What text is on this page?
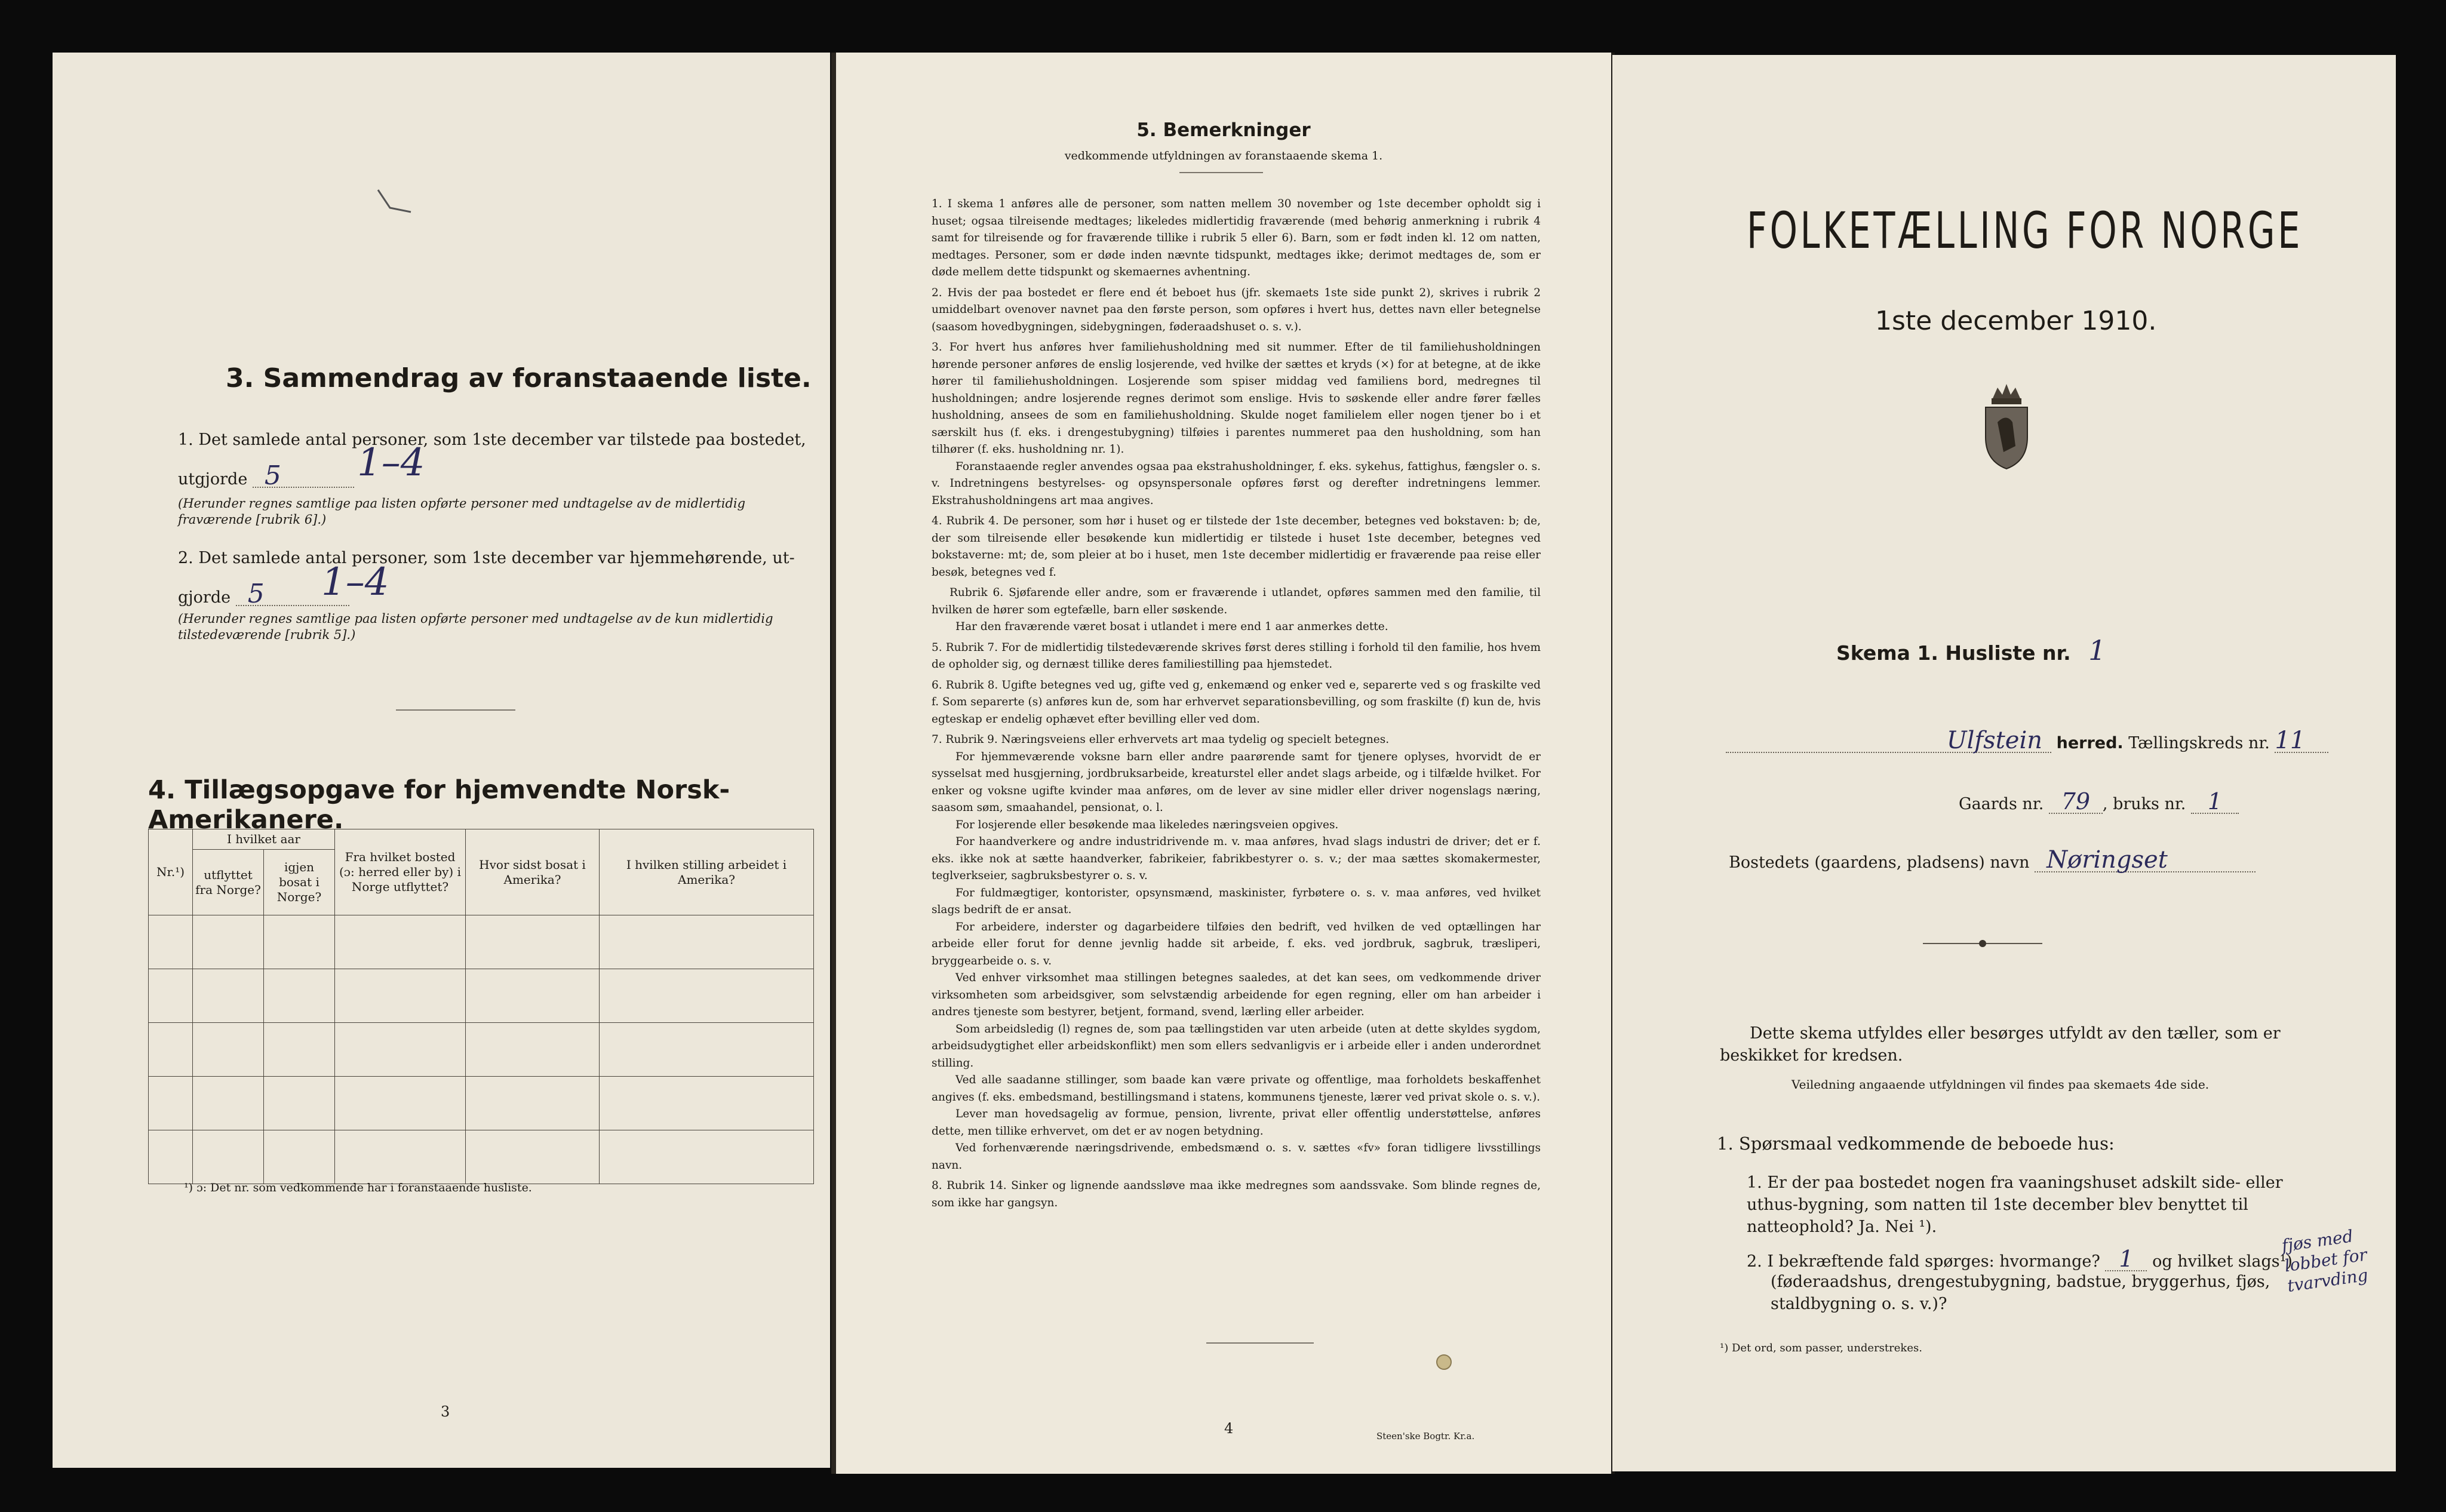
3. Sammendrag av foranstaaende liste.
1. Det samlede antal personer, som 1ste december var tilstede paa bostedet,
utgjorde 5	1–4
(Herunder regnes samtlige paa listen opførte personer med undtagelse av de midlertidig fraværende [rubrik 6].)
2. Det samlede antal personer, som 1ste december var hjemmehørende, ut-
gjorde 5	1–4
(Herunder regnes samtlige paa listen opførte personer med undtagelse av de kun midlertidig tilstedeværende [rubrik 5].)
4. Tillægsopgave for hjemvendte Norsk-Amerikanere.
Nr.¹)	I hvilket aar		Fra hvilket bosted (ɔ: herred eller by) i Norge utflyttet?	Hvor sidst bosat i Amerika?	I hvilken stilling arbeidet i Amerika?
	utflyttet fra Norge?	igjen bosat i Norge?			

¹) ɔ: Det nr. som vedkommende har i foranstaaende husliste.
3
5. Bemerkninger
vedkommende utfyldningen av foranstaaende skema 1.

1. I skema 1 anføres alle de personer, som natten mellem 30 november og 1ste december opholdt sig i huset; ogsaa tilreisende medtages; likeledes midlertidig fraværende (med behørig anmerkning i rubrik 4 samt for tilreisende og for fraværende tillike i rubrik 5 eller 6). Barn, som er født inden kl. 12 om natten, medtages. Personer, som er døde inden nævnte tidspunkt, medtages ikke; derimot medtages de, som er døde mellem dette tidspunkt og skemaernes avhentning.

2. Hvis der paa bostedet er flere end ét beboet hus (jfr. skemaets 1ste side punkt 2), skrives i rubrik 2 umiddelbart ovenover navnet paa den første person, som opføres i hvert hus, dettes navn eller betegnelse (saasom hovedbygningen, sidebygningen, føderaadshuset o. s. v.).

3. For hvert hus anføres hver familiehusholdning med sit nummer. Efter de til familiehusholdningen hørende personer anføres de enslig losjerende, ved hvilke der sættes et kryds (×) for at betegne, at de ikke hører til familiehusholdningen. Losjerende som spiser middag ved familiens bord, medregnes til husholdningen; andre losjerende regnes derimot som enslige. Hvis to søskende eller andre fører fælles husholdning, ansees de som en familiehusholdning. Skulde noget familielem eller nogen tjener bo i et særskilt hus (f. eks. i drengestubygning) tilføies i parentes nummeret paa den husholdning, som han tilhører (f. eks. husholdning nr. 1).

Foranstaaende regler anvendes ogsaa paa ekstrahusholdninger, f. eks. sykehus, fattighus, fængsler o. s. v. Indretningens bestyrelses- og opsynspersonale opføres først og derefter indretningens lemmer. Ekstrahusholdningens art maa angives.

4. Rubrik 4. De personer, som hør i huset og er tilstede der 1ste december, betegnes ved bokstaven: b; de, der som tilreisende eller besøkende kun midlertidig er tilstede i huset 1ste december, betegnes ved bokstaverne: mt; de, som pleier at bo i huset, men 1ste december midlertidig er fraværende paa reise eller besøk, betegnes ved f.

Rubrik 6. Sjøfarende eller andre, som er fraværende i utlandet, opføres sammen med den familie, til hvilken de hører som egtefælle, barn eller søskende.

Har den fraværende været bosat i utlandet i mere end 1 aar anmerkes dette.

5. Rubrik 7. For de midlertidig tilstedeværende skrives først deres stilling i forhold til den familie, hos hvem de opholder sig, og dernæst tillike deres familiestilling paa hjemstedet.

6. Rubrik 8. Ugifte betegnes ved ug, gifte ved g, enkemænd og enker ved e, separerte ved s og fraskilte ved f. Som separerte (s) anføres kun de, som har erhvervet separationsbevilling, og som fraskilte (f) kun de, hvis egteskap er endelig ophævet efter bevilling eller ved dom.

7. Rubrik 9. Næringsveiens eller erhvervets art maa tydelig og specielt betegnes.

For hjemmeværende voksne barn eller andre paarørende samt for tjenere oplyses, hvorvidt de er sysselsat med husgjerning, jordbruksarbeide, kreaturstel eller andet slags arbeide, og i tilfælde hvilket. For enker og voksne ugifte kvinder maa anføres, om de lever av sine midler eller driver nogenslags næring, saasom søm, smaahandel, pensionat, o. l.

For losjerende eller besøkende maa likeledes næringsveien opgives.

For haandverkere og andre industridrivende m. v. maa anføres, hvad slags industri de driver; det er f. eks. ikke nok at sætte haandverker, fabrikeier, fabrikbestyrer o. s. v.; der maa sættes skomakermester, teglverkseier, sagbruksbestyrer o. s. v.

For fuldmægtiger, kontorister, opsynsmænd, maskinister, fyrbøtere o. s. v. maa anføres, ved hvilket slags bedrift de er ansat.

For arbeidere, inderster og dagarbeidere tilføies den bedrift, ved hvilken de ved optællingen har arbeide eller forut for denne jevnlig hadde sit arbeide, f. eks. ved jordbruk, sagbruk, træsliperi, bryggearbeide o. s. v.

Ved enhver virksomhet maa stillingen betegnes saaledes, at det kan sees, om vedkommende driver virksomheten som arbeidsgiver, som selvstændig arbeidende for egen regning, eller om han arbeider i andres tjeneste som bestyrer, betjent, formand, svend, lærling eller arbeider.

Som arbeidsledig (l) regnes de, som paa tællingstiden var uten arbeide (uten at dette skyldes sygdom, arbeidsudygtighet eller arbeidskonflikt) men som ellers sedvanligvis er i arbeide eller i anden underordnet stilling.

Ved alle saadanne stillinger, som baade kan være private og offentlige, maa forholdets beskaffenhet angives (f. eks. embedsmand, bestillingsmand i statens, kommunens tjeneste, lærer ved privat skole o. s. v.).

Lever man hovedsagelig av formue, pension, livrente, privat eller offentlig understøttelse, anføres dette, men tillike erhvervet, om det er av nogen betydning.

Ved forhenværende næringsdrivende, embedsmænd o. s. v. sættes «fv» foran tidligere livsstillings navn.

8. Rubrik 14. Sinker og lignende aandssløve maa ikke medregnes som aandssvake. Som blinde regnes de, som ikke har gangsyn.

4	Steen'ske Bogtr. Kr.a.
FOLKETÆLLING FOR NORGE
1ste december 1910.
Skema 1. Husliste nr. 1
Ulfstein herred. Tællingskreds nr. 11
Gaards nr. 79 , bruks nr. 1
Bostedets (gaardens, pladsens) navn Nøringset
Dette skema utfyldes eller besørges utfyldt av den tæller, som er beskikket for kredsen.
Veiledning angaaende utfyldningen vil findes paa skemaets 4de side.
1. Spørsmaal vedkommende de beboede hus:
1. Er der paa bostedet nogen fra vaaningshuset adskilt side- eller uthus-bygning, som natten til 1ste december blev benyttet til natteophold? Ja. Nei ¹).
2. I bekræftende fald spørges: hvormange? 1 og hvilket slags¹)
(føderaadshus, drengestubygning, badstue, bryggerhus, fjøs, staldbygning o. s. v.)?
fjøs med lobbet for tvarvding
¹) Det ord, som passer, understrekes.
